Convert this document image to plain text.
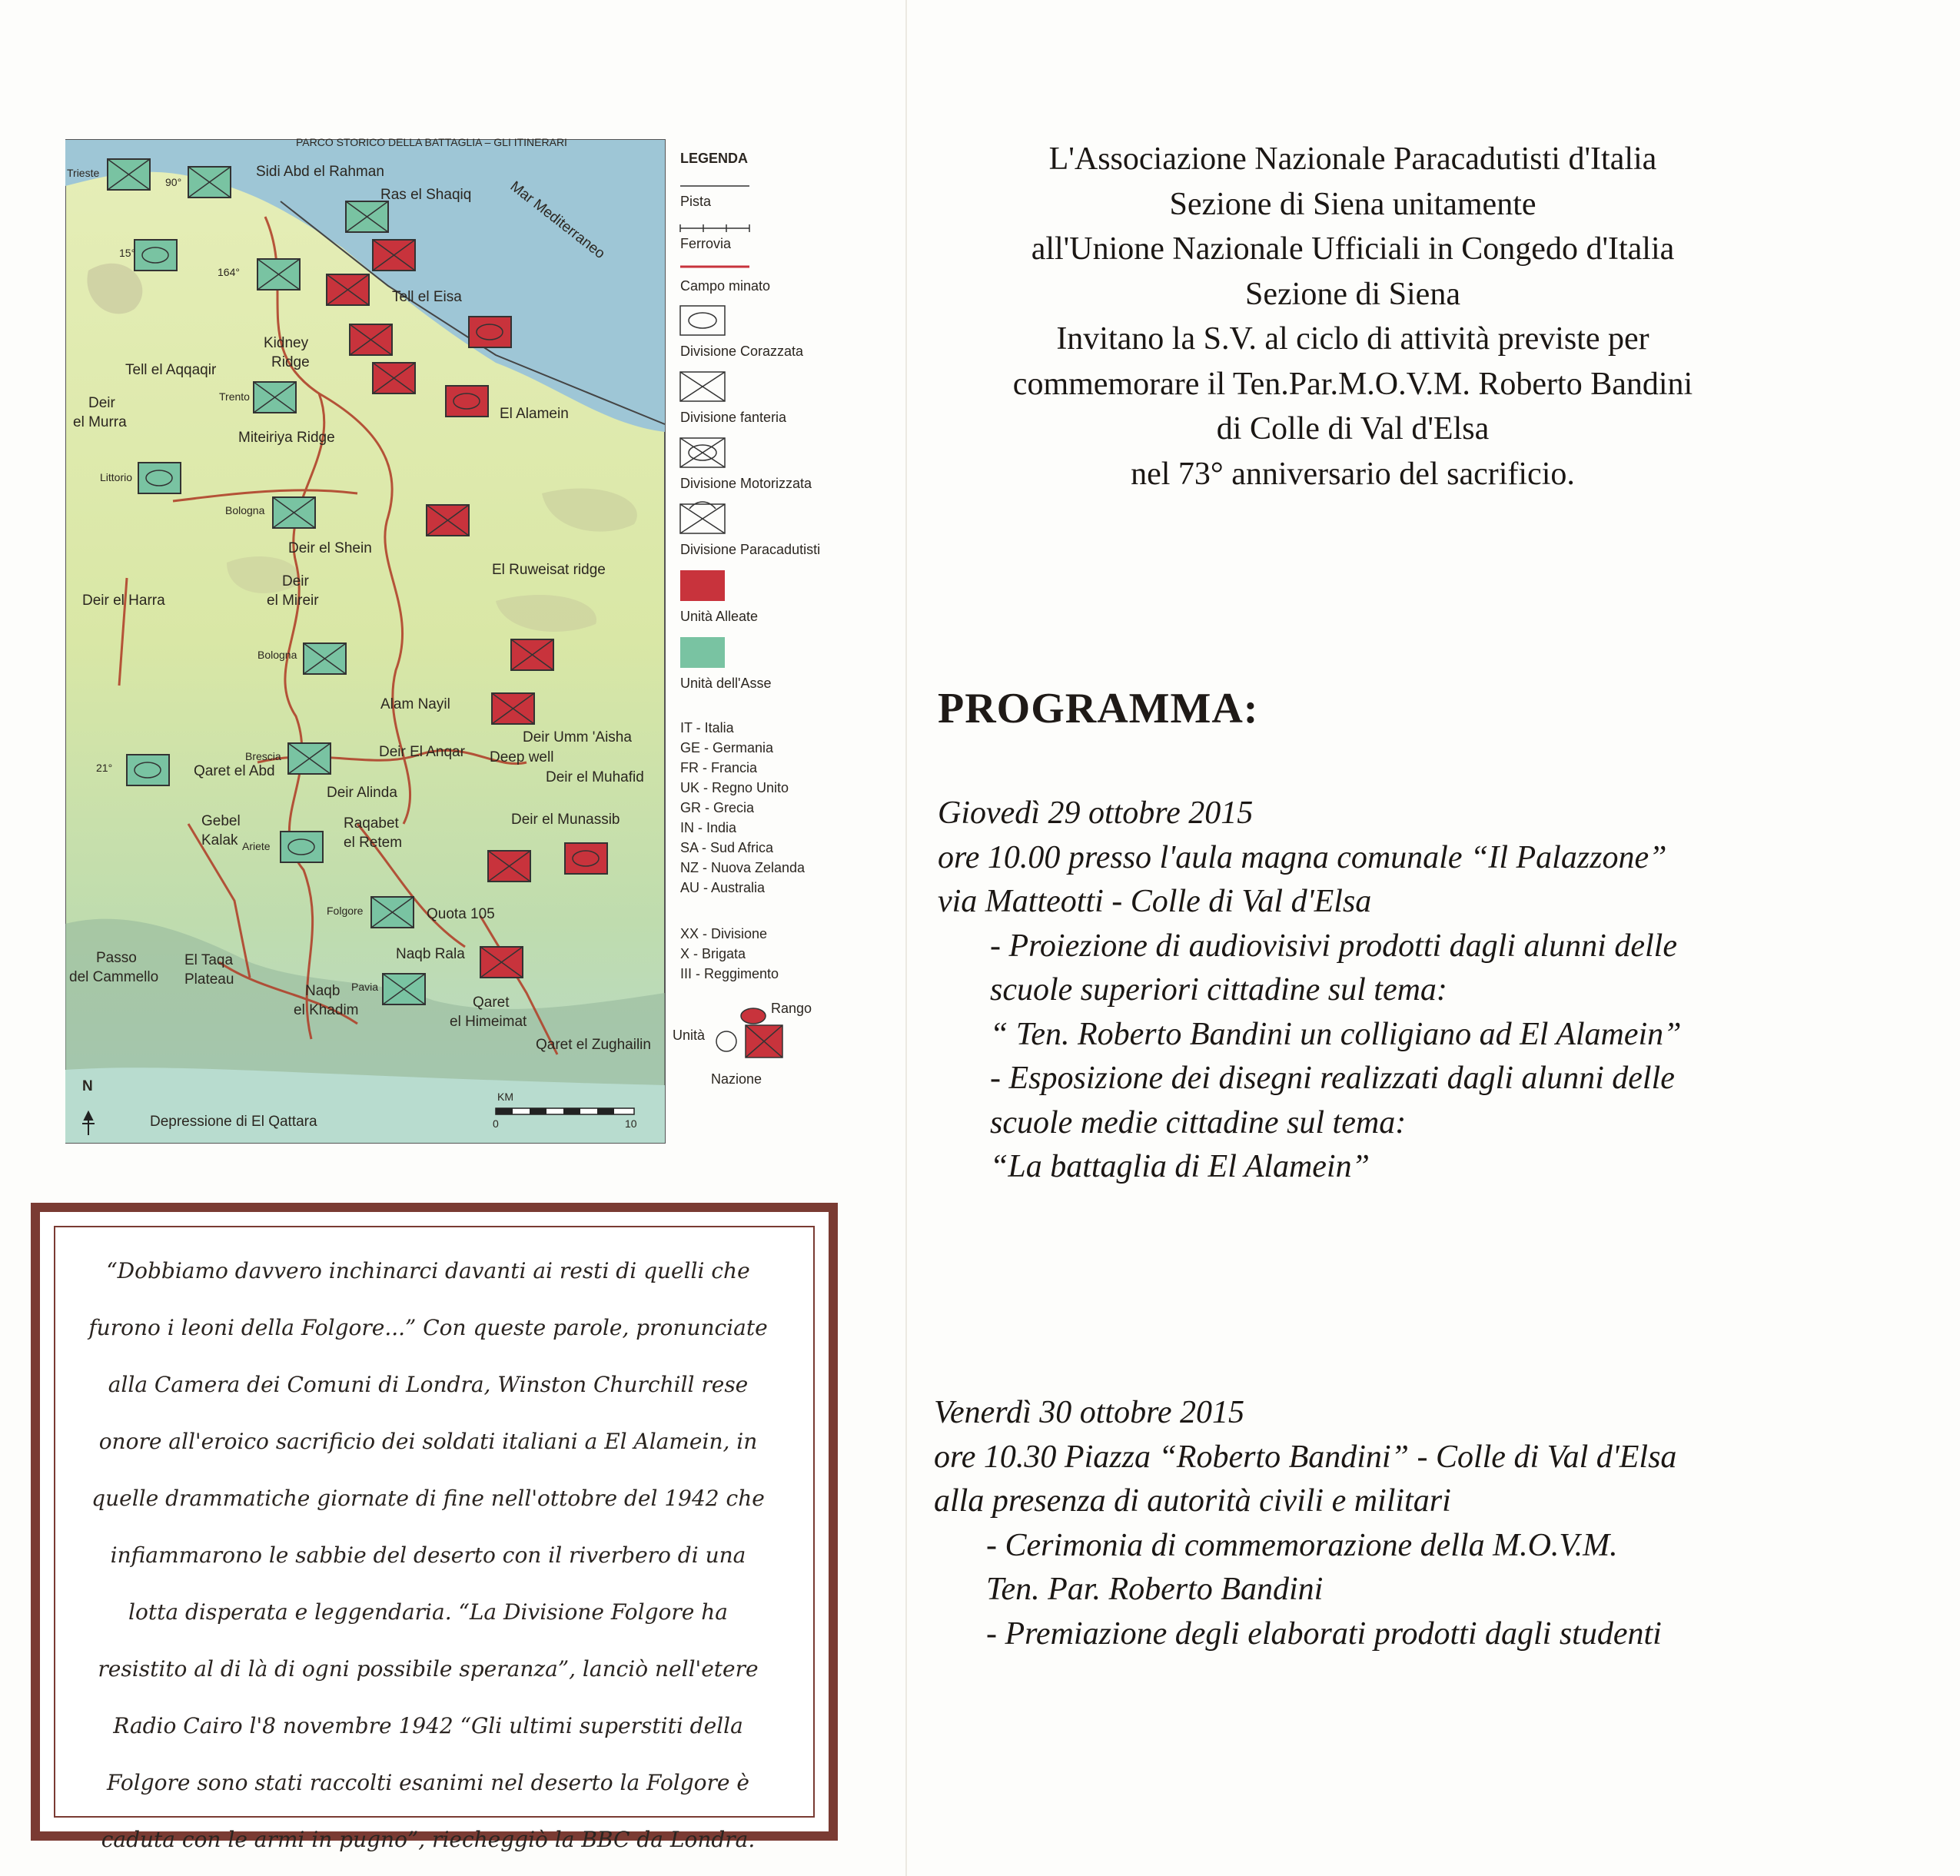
PARCO STORICO DELLA BATTAGLIA – GLI ITINERARI
Sidi Abd el Rahman
Ras el Shaqiq Mar Mediterraneo
Tell el Eisa
Kidney
Ridge
Tell el Aqqaqir
Deir
el Murra
El Alamein
Miteiriya Ridge
Deir el Shein
El Ruweisat ridge
Deir
el Mireir
Deir el Harra
Alam Nayil
Deir Umm 'Aisha
Deep well
Deir El Anqar
Qaret el Abd	Deir el Muhafid
Deir Alinda
Gebel
Kalak
Raqabet
el Retem
Deir el Munassib
Quota 105
Passo
del Cammello
El Taqa
Plateau
Naqb Rala
Naqb
el Khadim	Qaret
el Himeimat
Qaret el Zughailin
Depressione di El Qattara
N
KM
0	10
Trieste
90°
15°
164°
Trento
Littorio
Bologna
Bologna
Brescia
21°
Ariete
Folgore
Pavia
LEGENDA
Pista
Ferrovia
Campo minato
Divisione Corazzata
Divisione fanteria
Divisione Motorizzata
Divisione Paracadutisti
Unità Alleate
Unità dell'Asse
IT - Italia
GE - Germania
FR - Francia
UK - Regno Unito
GR - Grecia
IN - India
SA - Sud Africa
NZ - Nuova Zelanda
AU - Australia
XX - Divisione
X - Brigata
III - Reggimento
Rango
Unità
Nazione
“Dobbiamo davvero inchinarci davanti ai resti di quelli che furono i leoni della Folgore...” Con queste parole, pronunciate alla Camera dei Comuni di Londra, Winston Churchill rese onore all'eroico sacrificio dei soldati italiani a El Alamein, in quelle drammatiche giornate di fine nell'ottobre del 1942 che infiammarono le sabbie del deserto con il riverbero di una lotta disperata e leggendaria. “La Divisione Folgore ha resistito al di là di ogni possibile speranza”, lanciò nell'etere Radio Cairo l'8 novembre 1942 “Gli ultimi superstiti della Folgore sono stati raccolti esanimi nel deserto la Folgore è caduta con le armi in pugno”, riecheggiò la BBC da Londra.
L'Associazione Nazionale Paracadutisti d'Italia
Sezione di Siena unitamente
all'Unione Nazionale Ufficiali in Congedo d'Italia
Sezione di Siena
Invitano la S.V. al ciclo di attività previste per
commemorare il Ten.Par.M.O.V.M. Roberto Bandini
di Colle di Val d'Elsa
nel 73° anniversario del sacrificio.
PROGRAMMA:
Giovedì 29 ottobre 2015
ore 10.00 presso l'aula magna comunale “Il Palazzone”
via Matteotti - Colle di Val d'Elsa
- Proiezione di audiovisivi prodotti dagli alunni delle
scuole superiori cittadine sul tema:
“ Ten. Roberto Bandini un colligiano ad El Alamein”
- Esposizione dei disegni realizzati dagli alunni delle
scuole medie cittadine sul tema:
“La battaglia di El Alamein”
Venerdì 30 ottobre 2015
ore 10.30 Piazza “Roberto Bandini” - Colle di Val d'Elsa
alla presenza di autorità civili e militari
- Cerimonia di commemorazione della M.O.V.M.
Ten. Par. Roberto Bandini
- Premiazione degli elaborati prodotti dagli studenti
